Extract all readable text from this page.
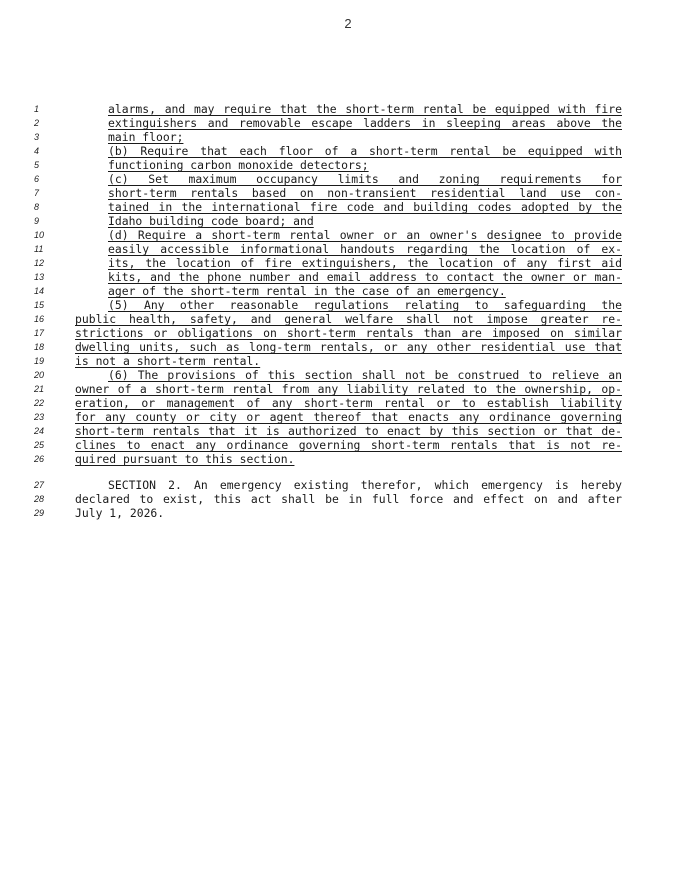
2
1	alarms, and may require that the short-term rental be equipped with fire
2	extinguishers and removable escape ladders in sleeping areas above the
3	main floor;
4	(b) Require that each floor of a short-term rental be equipped with
5	functioning carbon monoxide detectors;
6	(c) Set maximum occupancy limits and zoning requirements for
7	short-term rentals based on non-transient residential land use con-
8	tained in the international fire code and building codes adopted by the
9	Idaho building code board; and
10	(d) Require a short-term rental owner or an owner's designee to provide
11	easily accessible informational handouts regarding the location of ex-
12	its, the location of fire extinguishers, the location of any first aid
13	kits, and the phone number and email address to contact the owner or man-
14	ager of the short-term rental in the case of an emergency.
15	(5) Any other reasonable regulations relating to safeguarding the
16	public health, safety, and general welfare shall not impose greater re-
17	strictions or obligations on short-term rentals than are imposed on similar
18	dwelling units, such as long-term rentals, or any other residential use that
19	is not a short-term rental.
20	(6) The provisions of this section shall not be construed to relieve an
21	owner of a short-term rental from any liability related to the ownership, op-
22	eration, or management of any short-term rental or to establish liability
23	for any county or city or agent thereof that enacts any ordinance governing
24	short-term rentals that it is authorized to enact by this section or that de-
25	clines to enact any ordinance governing short-term rentals that is not re-
26	quired pursuant to this section.
27	SECTION 2. An emergency existing therefor, which emergency is hereby
28	declared to exist, this act shall be in full force and effect on and after
29	July 1, 2026.
